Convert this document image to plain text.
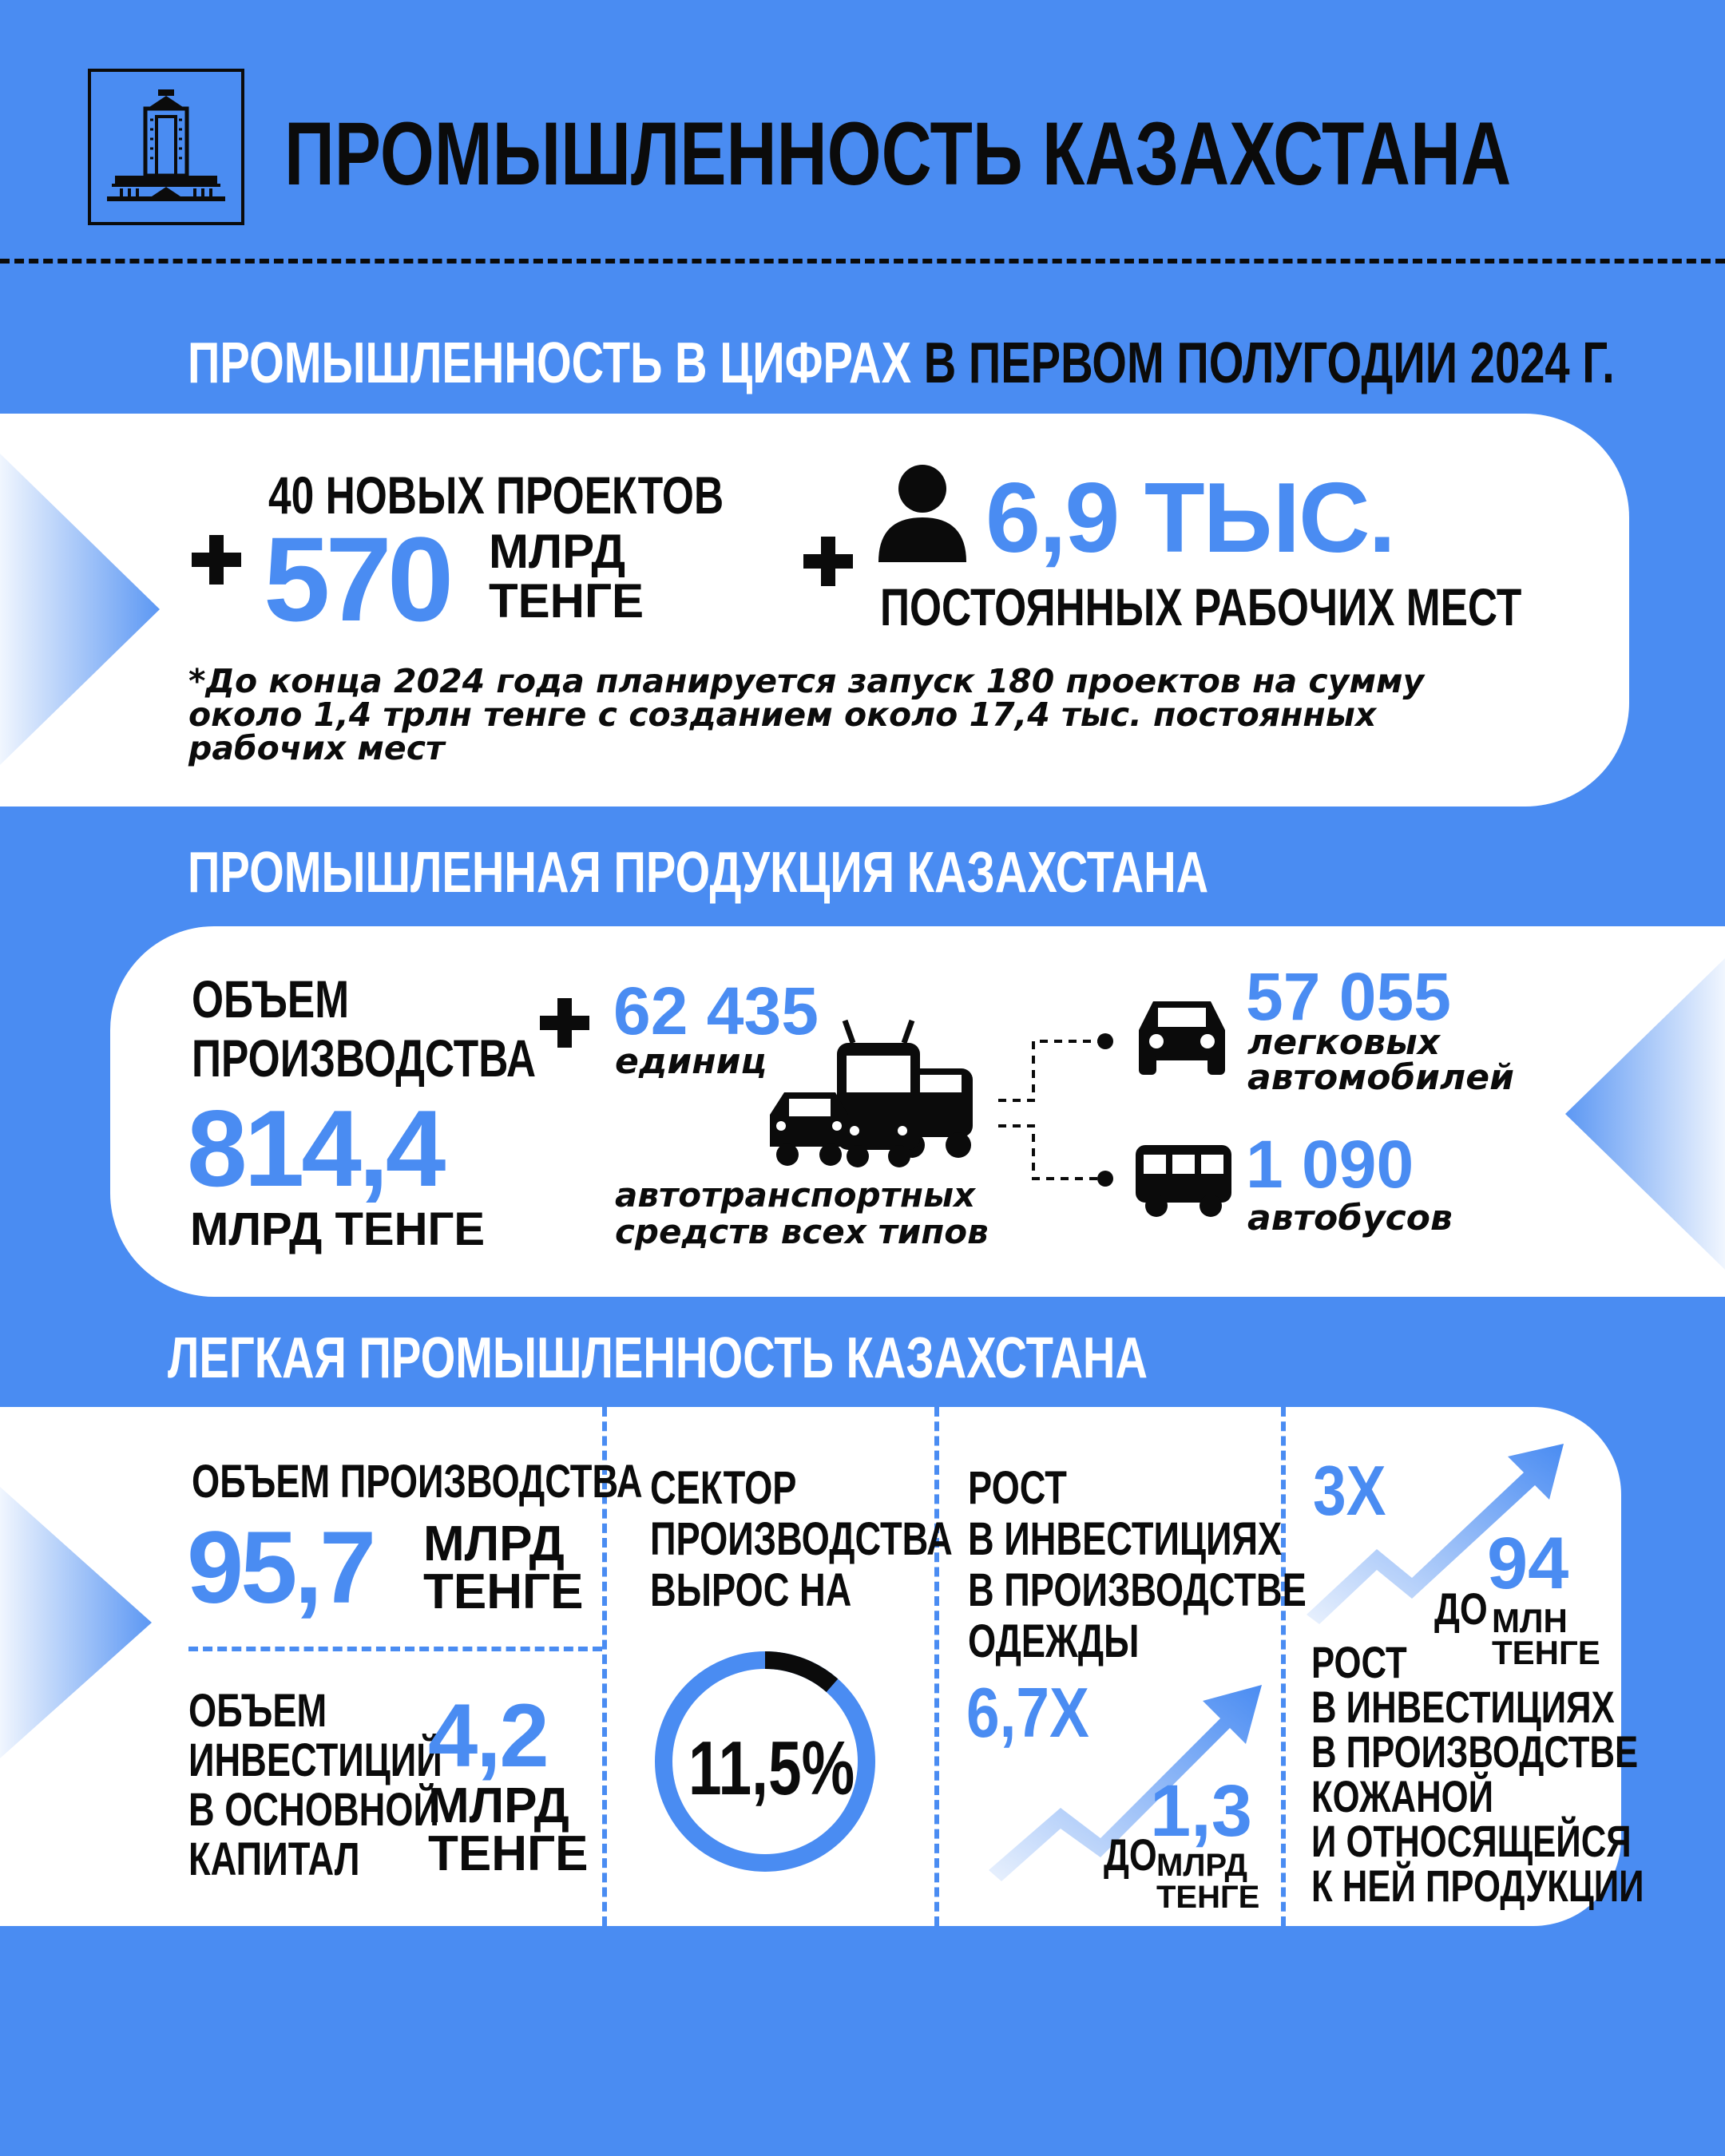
ПРОМЫШЛЕННОСТЬ КАЗАХСТАНА
ПРОМЫШЛЕННОСТЬ В ЦИФРАХ В ПЕРВОМ ПОЛУГОДИИ 2024 Г.
40 НОВЫХ ПРОЕКТОВ
570 МЛРД
ТЕНГЕ
6,9 ТЫС.
ПОСТОЯННЫХ РАБОЧИХ МЕСТ
*До конца 2024 года планируется запуск 180 проектов на сумму
около 1,4 трлн тенге с созданием около 17,4 тыс. постоянных
рабочих мест
ПРОМЫШЛЕННАЯ ПРОДУКЦИЯ КАЗАХСТАНА
ОБЪЕМ
ПРОИЗВОДСТВА
814,4
МЛРД ТЕНГЕ
62 435
единиц
автотранспортных
средств всех типов
57 055
легковых
автомобилей
1 090
автобусов
ЛЕГКАЯ ПРОМЫШЛЕННОСТЬ КАЗАХСТАНА
ОБЪЕМ ПРОИЗВОДСТВА
95,7 МЛРД
ТЕНГЕ
ОБЪЕМ
ИНВЕСТИЦИЙ
В ОСНОВНОЙ
КАПИТАЛ
4,2
МЛРД
ТЕНГЕ
СЕКТОР
ПРОИЗВОДСТВА
ВЫРОС НА
11,5%
РОСТ
В ИНВЕСТИЦИЯХ
В ПРОИЗВОДСТВЕ
ОДЕЖДЫ
6,7Х
ДО
1,3
МЛРД
ТЕНГЕ
3Х
ДО
94
МЛН
ТЕНГЕ
РОСТ
В ИНВЕСТИЦИЯХ
В ПРОИЗВОДСТВЕ
КОЖАНОЙ
И ОТНОСЯЩЕЙСЯ
К НЕЙ ПРОДУКЦИИ
